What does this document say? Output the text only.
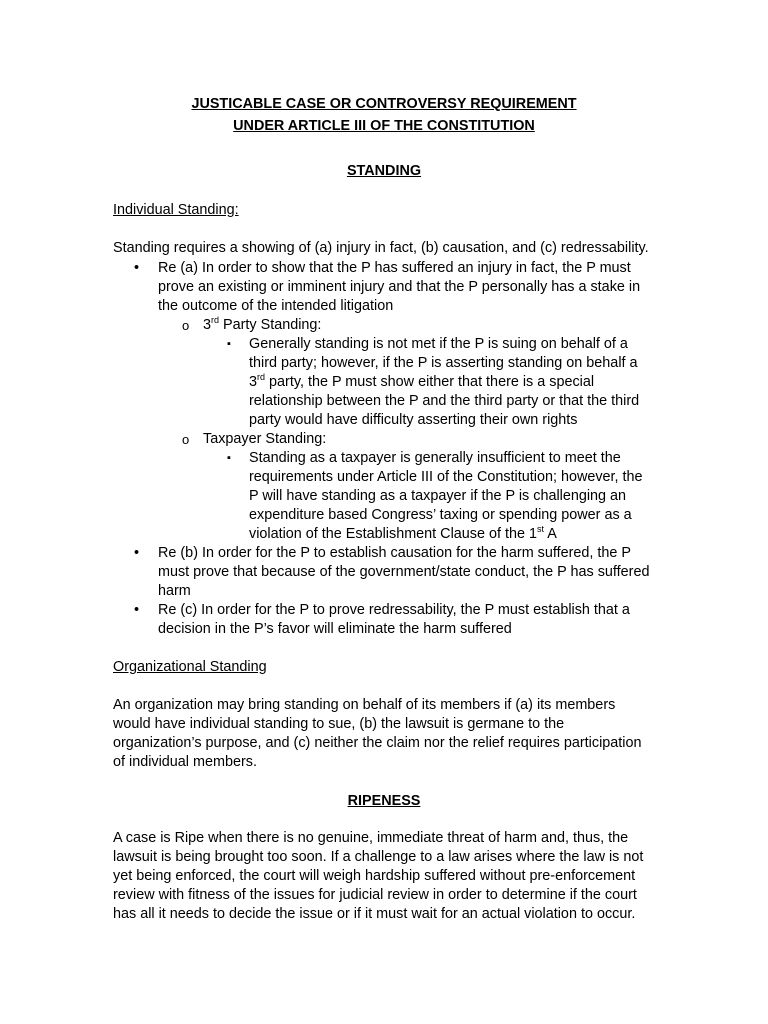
JUSTICABLE CASE OR CONTROVERSY REQUIREMENT
UNDER ARTICLE III OF THE CONSTITUTION
STANDING
Individual Standing:
Standing requires a showing of (a) injury in fact, (b) causation, and (c) redressability.
• Re (a) In order to show that the P has suffered an injury in fact, the P must
prove an existing or imminent injury and that the P personally has a stake in
the outcome of the intended litigation
o 3rd Party Standing:
▪ Generally standing is not met if the P is suing on behalf of a
third party; however, if the P is asserting standing on behalf a
3rd party, the P must show either that there is a special
relationship between the P and the third party or that the third
party would have difficulty asserting their own rights
o Taxpayer Standing:
▪ Standing as a taxpayer is generally insufficient to meet the
requirements under Article III of the Constitution; however, the
P will have standing as a taxpayer if the P is challenging an
expenditure based Congress’ taxing or spending power as a
violation of the Establishment Clause of the 1st A
• Re (b) In order for the P to establish causation for the harm suffered, the P
must prove that because of the government/state conduct, the P has suffered
harm
• Re (c) In order for the P to prove redressability, the P must establish that a
decision in the P’s favor will eliminate the harm suffered
Organizational Standing
An organization may bring standing on behalf of its members if (a) its members
would have individual standing to sue, (b) the lawsuit is germane to the
organization’s purpose, and (c) neither the claim nor the relief requires participation
of individual members.
RIPENESS
A case is Ripe when there is no genuine, immediate threat of harm and, thus, the
lawsuit is being brought too soon. If a challenge to a law arises where the law is not
yet being enforced, the court will weigh hardship suffered without pre-enforcement
review with fitness of the issues for judicial review in order to determine if the court
has all it needs to decide the issue or if it must wait for an actual violation to occur.
